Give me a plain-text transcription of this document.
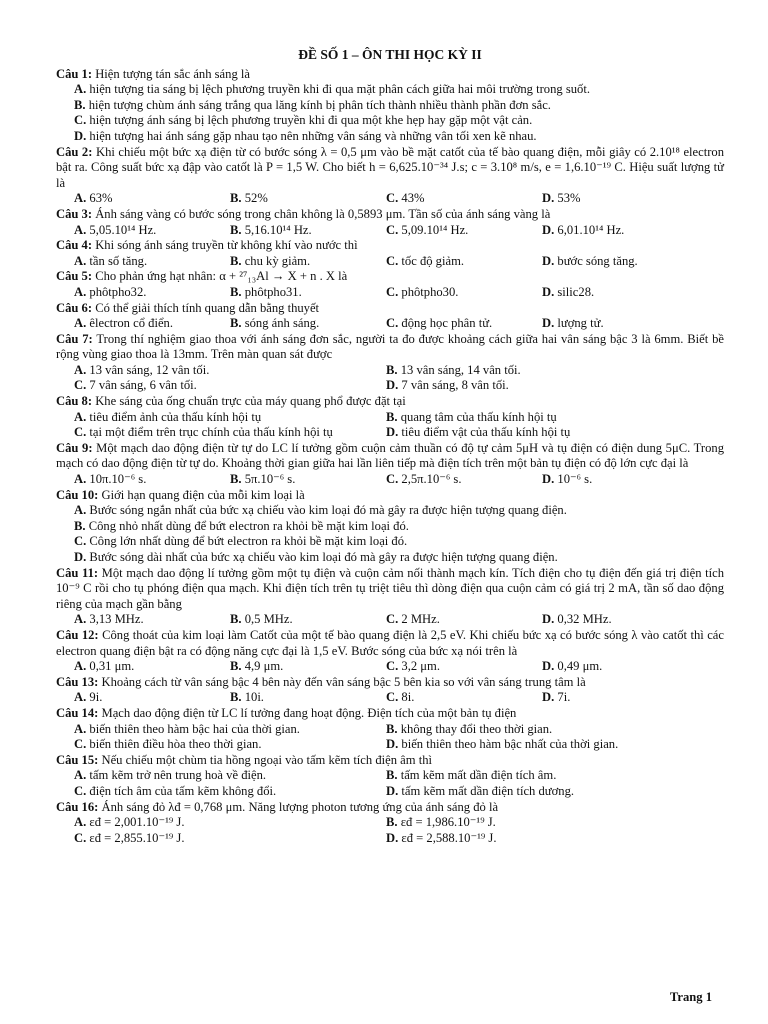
ĐỀ SỐ 1 – ÔN THI HỌC KỲ II
Câu 1: Hiện tượng tán sắc ánh sáng là
A. hiện tượng tia sáng bị lệch phương truyền khi đi qua mặt phân cách giữa hai môi trường trong suốt.
B. hiện tượng chùm ánh sáng trắng qua lăng kính bị phân tích thành nhiều thành phần đơn sắc.
C. hiện tượng ánh sáng bị lệch phương truyền khi đi qua một khe hẹp hay gặp một vật cản.
D. hiện tượng hai ánh sáng gặp nhau tạo nên những vân sáng và những vân tối xen kẽ nhau.
Câu 2: Khi chiếu một bức xạ điện từ có bước sóng λ = 0,5 μm vào bề mặt catốt của tế bào quang điện, mỗi giây có 2.10¹⁸ electron bật ra. Công suất bức xạ đập vào catốt là P = 1,5 W. Cho biết h = 6,625.10⁻³⁴ J.s; c = 3.10⁸ m/s, e = 1,6.10⁻¹⁹ C. Hiệu suất lượng tử là
A. 63%	B. 52%	C. 43%	D. 53%
Câu 3: Ánh sáng vàng có bước sóng trong chân không là 0,5893 μm. Tần số của ánh sáng vàng là
A. 5,05.10¹⁴ Hz.	B. 5,16.10¹⁴ Hz.	C. 5,09.10¹⁴ Hz.	D. 6,01.10¹⁴ Hz.
Câu 4: Khi sóng ánh sáng truyền từ không khí vào nước thì
A. tần số tăng.	B. chu kỳ giảm.	C. tốc độ giảm.	D. bước sóng tăng.
Câu 5: Cho phản ứng hạt nhân: α + ²⁷₁₃Al → X + n . X là
A. phôtpho32.	B. phôtpho31.	C. phôtpho30.	D. silic28.
Câu 6: Có thể giải thích tính quang dẫn bằng thuyết
A. êlectron cổ điển.	B. sóng ánh sáng.	C. động học phân tử.	D. lượng tử.
Câu 7: Trong thí nghiệm giao thoa với ánh sáng đơn sắc, người ta đo được khoảng cách giữa hai vân sáng bậc 3 là 6mm. Biết bề rộng vùng giao thoa là 13mm. Trên màn quan sát được
A. 13 vân sáng, 12 vân tối.	B. 13 vân sáng, 14 vân tối.
C. 7 vân sáng, 6 vân tối.	D. 7 vân sáng, 8 vân tối.
Câu 8: Khe sáng của ống chuẩn trực của máy quang phổ được đặt tại
A. tiêu điểm ảnh của thấu kính hội tụ	B. quang tâm của thấu kính hội tụ
C. tại một điểm trên trục chính của thấu kính hội tụ	D. tiêu điểm vật của thấu kính hội tụ
Câu 9: Một mạch dao động điện từ tự do LC lí tưởng gồm cuộn cảm thuần có độ tự cảm 5μH và tụ điện có điện dung 5μC. Trong mạch có dao động điện từ tự do. Khoảng thời gian giữa hai lần liên tiếp mà điện tích trên một bản tụ điện có độ lớn cực đại là
A. 10π.10⁻⁶ s.	B. 5π.10⁻⁶ s.	C. 2,5π.10⁻⁶ s.	D. 10⁻⁶ s.
Câu 10: Giới hạn quang điện của mỗi kim loại là
A. Bước sóng ngắn nhất của bức xạ chiếu vào kim loại đó mà gây ra được hiện tượng quang điện.
B. Công nhỏ nhất dùng để bứt electron ra khỏi bề mặt kim loại đó.
C. Công lớn nhất dùng để bứt electron ra khỏi bề mặt kim loại đó.
D. Bước sóng dài nhất của bức xạ chiếu vào kim loại đó mà gây ra được hiện tượng quang điện.
Câu 11: Một mạch dao động lí tưởng gồm một tụ điện và cuộn cảm nối thành mạch kín. Tích điện cho tụ điện đến giá trị điện tích 10⁻⁹ C rồi cho tụ phóng điện qua mạch. Khi điện tích trên tụ triệt tiêu thì dòng điện qua cuộn cảm có giá trị 2 mA, tần số dao động riêng của mạch gần bằng
A. 3,13 MHz.	B. 0,5 MHz.	C. 2 MHz.	D. 0,32 MHz.
Câu 12: Công thoát của kim loại làm Catốt của một tế bào quang điện là 2,5 eV. Khi chiếu bức xạ có bước sóng λ vào catốt thì các electron quang điện bật ra có động năng cực đại là 1,5 eV. Bước sóng của bức xạ nói trên là
A. 0,31 μm.	B. 4,9 μm.	C. 3,2 μm.	D. 0,49 μm.
Câu 13: Khoảng cách từ vân sáng bậc 4 bên này đến vân sáng bậc 5 bên kia so với vân sáng trung tâm là
A. 9i.	B. 10i.	C. 8i.	D. 7i.
Câu 14: Mạch dao động điện từ LC lí tưởng đang hoạt động. Điện tích của một bản tụ điện
A. biến thiên theo hàm bậc hai của thời gian.	B. không thay đổi theo thời gian.
C. biến thiên điều hòa theo thời gian.	D. biến thiên theo hàm bậc nhất của thời gian.
Câu 15: Nếu chiếu một chùm tia hồng ngoại vào tấm kẽm tích điện âm thì
A. tấm kẽm trở nên trung hoà về điện.	B. tấm kẽm mất dần điện tích âm.
C. điện tích âm của tấm kẽm không đổi.	D. tấm kẽm mất dần điện tích dương.
Câu 16: Ánh sáng đỏ λđ = 0,768 μm. Năng lượng photon tương ứng của ánh sáng đỏ là
A. εđ = 2,001.10⁻¹⁹ J.	B. εđ = 1,986.10⁻¹⁹ J.
C. εđ = 2,855.10⁻¹⁹ J.	D. εđ = 2,588.10⁻¹⁹ J.
Trang 1
